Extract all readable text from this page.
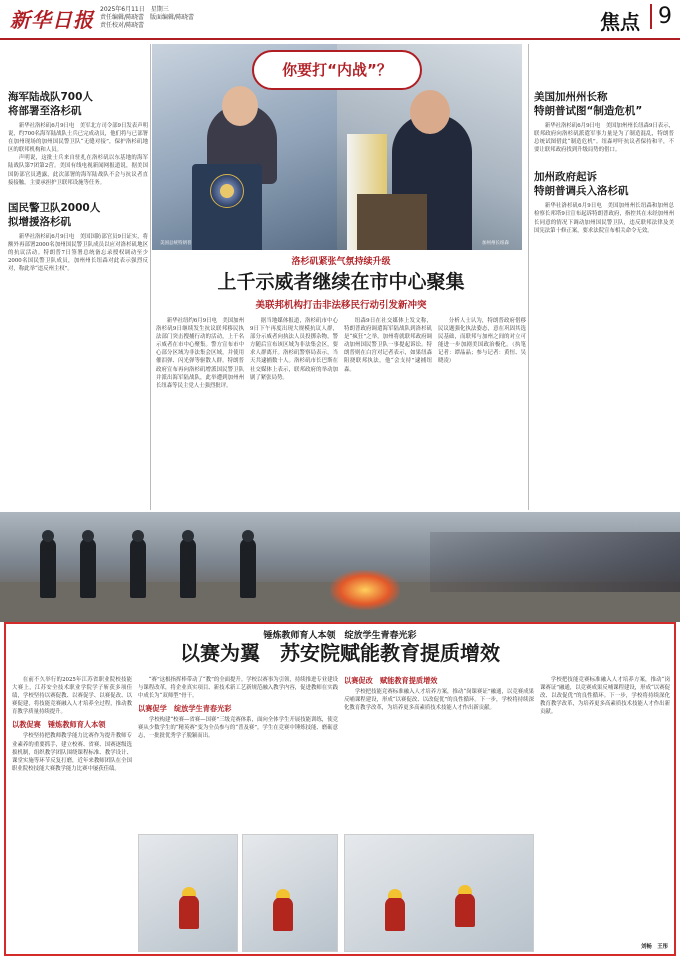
新华日报 2025年6月11日　星期三
责任编辑/陈晓蕾　版面编辑/陈晓蕾
责任校对/陈晓蕾	焦点 9
你要打“内战”？
美国总统特朗普	加州州长纽森
海军陆战队700人
将部署至洛杉矶

新华社洛杉矶6月9日电　美军北方司令部9日发表声明说，约700名海军陆战队士兵已完成动员，他们将与已部署在加州现场的加州国民警卫队“无缝对接”，保护洛杉矶地区的联邦机构和人员。

声明说，这批士兵来自驻扎在洛杉矶以东基地的海军陆战队第7团第2营。美国有线电视新闻网报道说，据美国国防部官员透露，此次部署的海军陆战队不会与抗议者直接接触，主要承担护卫联邦设施等任务。

国民警卫队2000人
拟增援洛杉矶

新华社洛杉矶6月9日电　美国国防部官员9日证实，将额外再部署2000名加州国民警卫队成员以应对洛杉矶地区的抗议活动。特朗普7日签署总统备忘录授权调动至少2000名国民警卫队成员，加州州长纽森对此表示强烈反对，称此举“违反州主权”。

洛杉矶紧张气氛持续升级
上千示威者继续在市中心聚集
美联邦机构打击非法移民行动引发新冲突

新华社纽约6月9日电　美国加州洛杉矶9日继续发生抗议联邦移民执法部门突击搜捕行动的活动，上千名示威者在市中心聚集。警方宣布市中心部分区域为非法集会区域，并使用催泪弹、闪光弹等驱散人群。特朗普政府宣布再向洛杉矶增派国民警卫队并派出海军陆战队，此举遭到加州州长纽森等民主党人士强烈批评。

据当地媒体报道，洛杉矶市中心9日下午再度出现大规模抗议人群，部分示威者向执法人员投掷杂物，警方随后宣布该区域为非法集会区，要求人群离开。洛杉矶警察局表示，当天共逮捕数十人。洛杉矶市长巴斯在社交媒体上表示，联邦政府的举动加剧了紧张局势。

纽森9日在社交媒体上发文称，特朗普政府调遣海军陆战队到洛杉矶是“疯狂”之举，加州将就联邦政府调动加州国民警卫队一事提起诉讼。特朗普则在白宫对记者表示，如果纽森阻挠联邦执法，他“会支持”逮捕纽森。

分析人士认为，特朗普政府借移民议题强化执法姿态，意在巩固其选民基础，而联邦与加州之间的对立可能进一步加剧美国政治极化。（执笔记者：谭晶晶；参与记者：黄恒、吴晓凌）

美国加州州长称
特朗普试图“制造危机”

新华社洛杉矶6月9日电　美国加州州长纽森9日表示，联邦政府向洛杉矶派遣军事力量是为了制造混乱，特朗普总统试图借此“制造危机”。纽森呼吁抗议者保持和平，不要让联邦政府找到升级局势的借口。

加州政府起诉
特朗普调兵入洛杉矶

新华社洛杉矶6月9日电　美国加州州长纽森和加州总检察长邦塔9日宣布起诉特朗普政府，指控其在未经加州州长同意的情况下调动加州国民警卫队，违反联邦法律及美国宪法第十修正案，要求法院宣布相关命令无效。

锤炼教师育人本领　绽放学生青春光彩
以赛为翼　苏安院赋能教育提质增效

在前不久举行的2025年江苏省职业院校技能大赛上，江苏安全技术职业学院学子斩获多项佳绩，学校坚持以赛促教、以赛促学、以赛促改、以赛促建，将技能竞赛融入人才培养全过程，推动教育教学质量持续提升。

以教促赛　锤炼教师育人本领

学校坚持把教师教学能力比赛作为提升教师专业素养的重要抓手，建立校赛、省赛、国赛逐级选拔机制，组织教学团队围绕课程标准、教学设计、课堂实施等环节反复打磨，近年来教师团队在全国职业院校技能大赛教学能力比赛中屡获佳绩。

“赛”这根指挥棒带动了“教”的全面提升。学校以赛事为引领，持续推进专业建设与课程改革，将企业真实项目、新技术新工艺新规范融入教学内容，促进教师在实践中成长为“双师型”骨干。

以赛促学　绽放学生青春光彩

学校构建“校赛—省赛—国赛”三级竞赛体系，面向全体学生开展技能训练，使竞赛从少数学生的“精英赛”变为全员参与的“普及赛”。学生在竞赛中锤炼技能、磨砺意志，一批批优秀学子脱颖而出。

以赛促改　赋能教育提质增效

学校把技能竞赛标准融入人才培养方案，推动“岗课赛证”融通，以竞赛成果反哺课程建设，形成“以赛促改、以改促优”的良性循环。下一步，学校将持续深化教育教学改革，为培养更多高素质技术技能人才作出新贡献。

学校把技能竞赛标准融入人才培养方案，推动“岗课赛证”融通，以竞赛成果反哺课程建设，形成“以赛促改、以改促优”的良性循环。下一步，学校将持续深化教育教学改革，为培养更多高素质技术技能人才作出新贡献。

刘畅　王彤
